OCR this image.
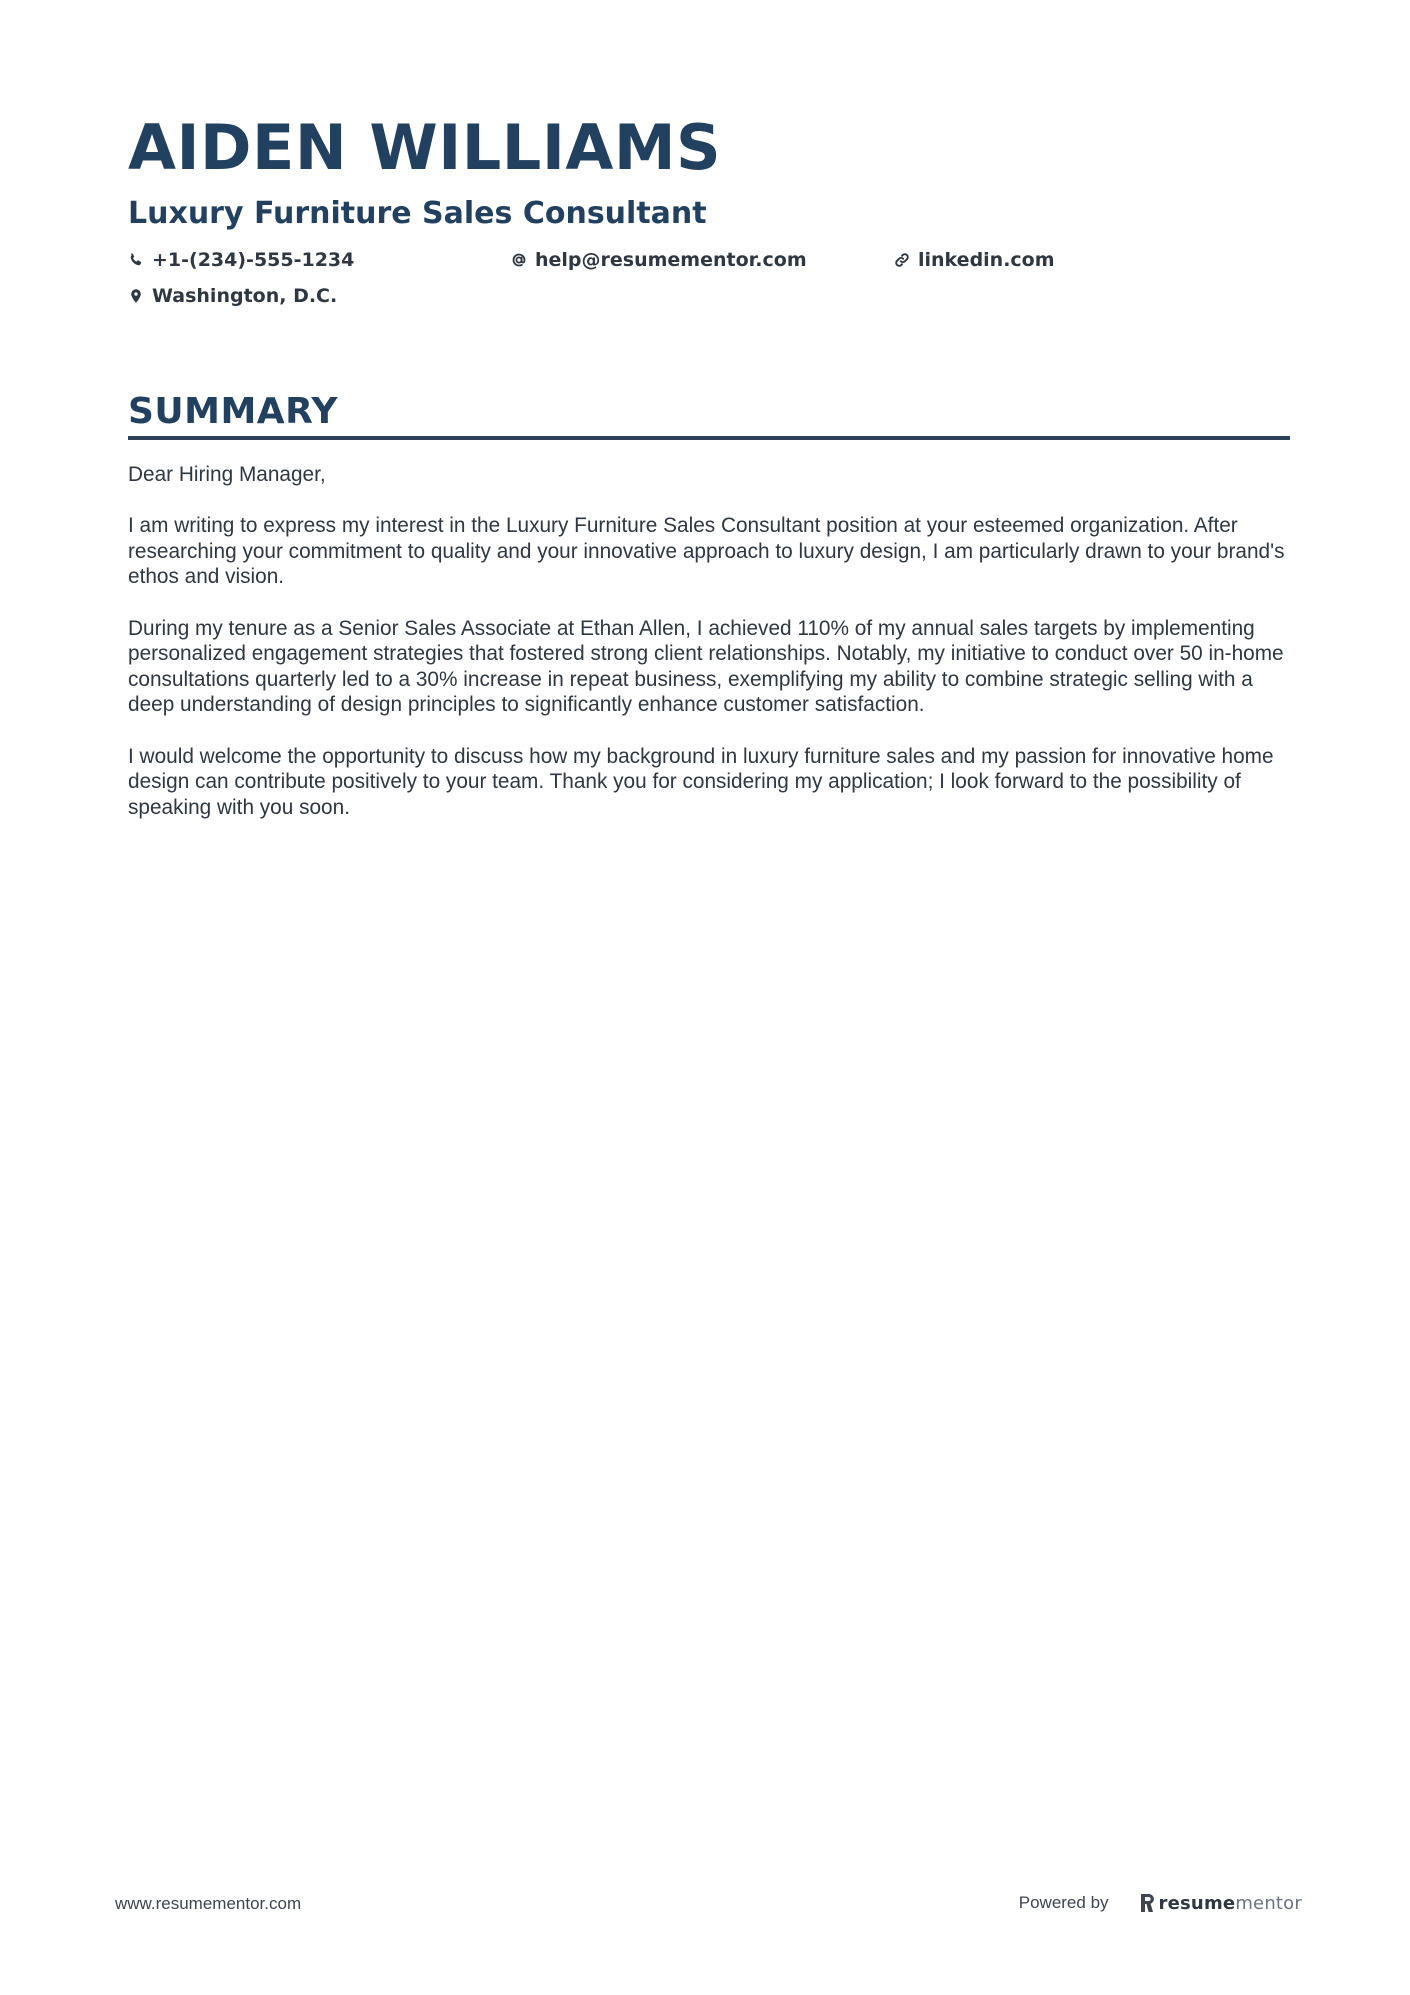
AIDEN WILLIAMS
Luxury Furniture Sales Consultant
+1-(234)-555-1234	help@resumementor.com	linkedin.com
Washington, D.C.
SUMMARY

Dear Hiring Manager,

I am writing to express my interest in the Luxury Furniture Sales Consultant position at your esteemed organization. After researching your commitment to quality and your innovative approach to luxury design, I am particularly drawn to your brand's ethos and vision.

During my tenure as a Senior Sales Associate at Ethan Allen, I achieved 110% of my annual sales targets by implementing personalized engagement strategies that fostered strong client relationships. Notably, my initiative to conduct over 50 in-home consultations quarterly led to a 30% increase in repeat business, exemplifying my ability to combine strategic selling with a deep understanding of design principles to significantly enhance customer satisfaction.

I would welcome the opportunity to discuss how my background in luxury furniture sales and my passion for innovative home design can contribute positively to your team. Thank you for considering my application; I look forward to the possibility of speaking with you soon.

www.resumementor.com	Powered by	resumementor
